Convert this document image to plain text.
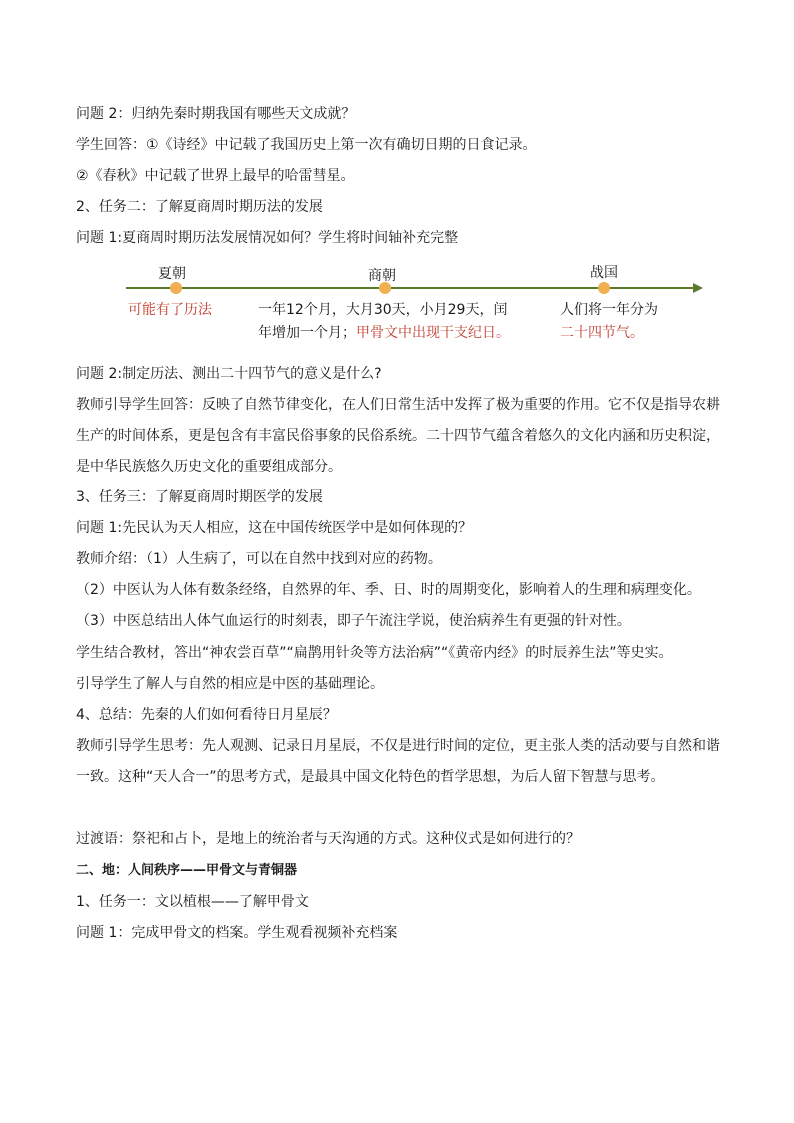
问题 2：归纳先秦时期我国有哪些天文成就？
学生回答：①《诗经》中记载了我国历史上第一次有确切日期的日食记录。
②《春秋》中记载了世界上最早的哈雷彗星。
2、任务二：了解夏商周时期历法的发展
问题 1:夏商周时期历法发展情况如何？学生将时间轴补充完整
夏朝	商朝	战国
可能有了历法	一年12个月，大月30天，小月29天，闰
年增加一个月；甲骨文中出现干支纪日。
人们将一年分为
二十四节气。
问题 2:制定历法、测出二十四节气的意义是什么?
教师引导学生回答：反映了自然节律变化，在人们日常生活中发挥了极为重要的作用。它不仅是指导农耕生产的时间体系，更是包含有丰富民俗事象的民俗系统。二十四节气蕴含着悠久的文化内涵和历史积淀，是中华民族悠久历史文化的重要组成部分。
3、任务三：了解夏商周时期医学的发展
问题 1:先民认为天人相应，这在中国传统医学中是如何体现的？
教师介绍：（1）人生病了，可以在自然中找到对应的药物。
（2）中医认为人体有数条经络，自然界的年、季、日、时的周期变化，影响着人的生理和病理变化。
（3）中医总结出人体气血运行的时刻表，即子午流注学说，使治病养生有更强的针对性。
学生结合教材，答出“神农尝百草”“扁鹊用针灸等方法治病”“《黄帝内经》的时辰养生法”等史实。
引导学生了解人与自然的相应是中医的基础理论。
4、总结：先秦的人们如何看待日月星辰？
教师引导学生思考：先人观测、记录日月星辰，不仅是进行时间的定位，更主张人类的活动要与自然和谐一致。这种“天人合一”的思考方式，是最具中国文化特色的哲学思想，为后人留下智慧与思考。
过渡语：祭祀和占卜，是地上的统治者与天沟通的方式。这种仪式是如何进行的？
二、地：人间秩序——甲骨文与青铜器
1、任务一：文以植根——了解甲骨文
问题 1：完成甲骨文的档案。学生观看视频补充档案
